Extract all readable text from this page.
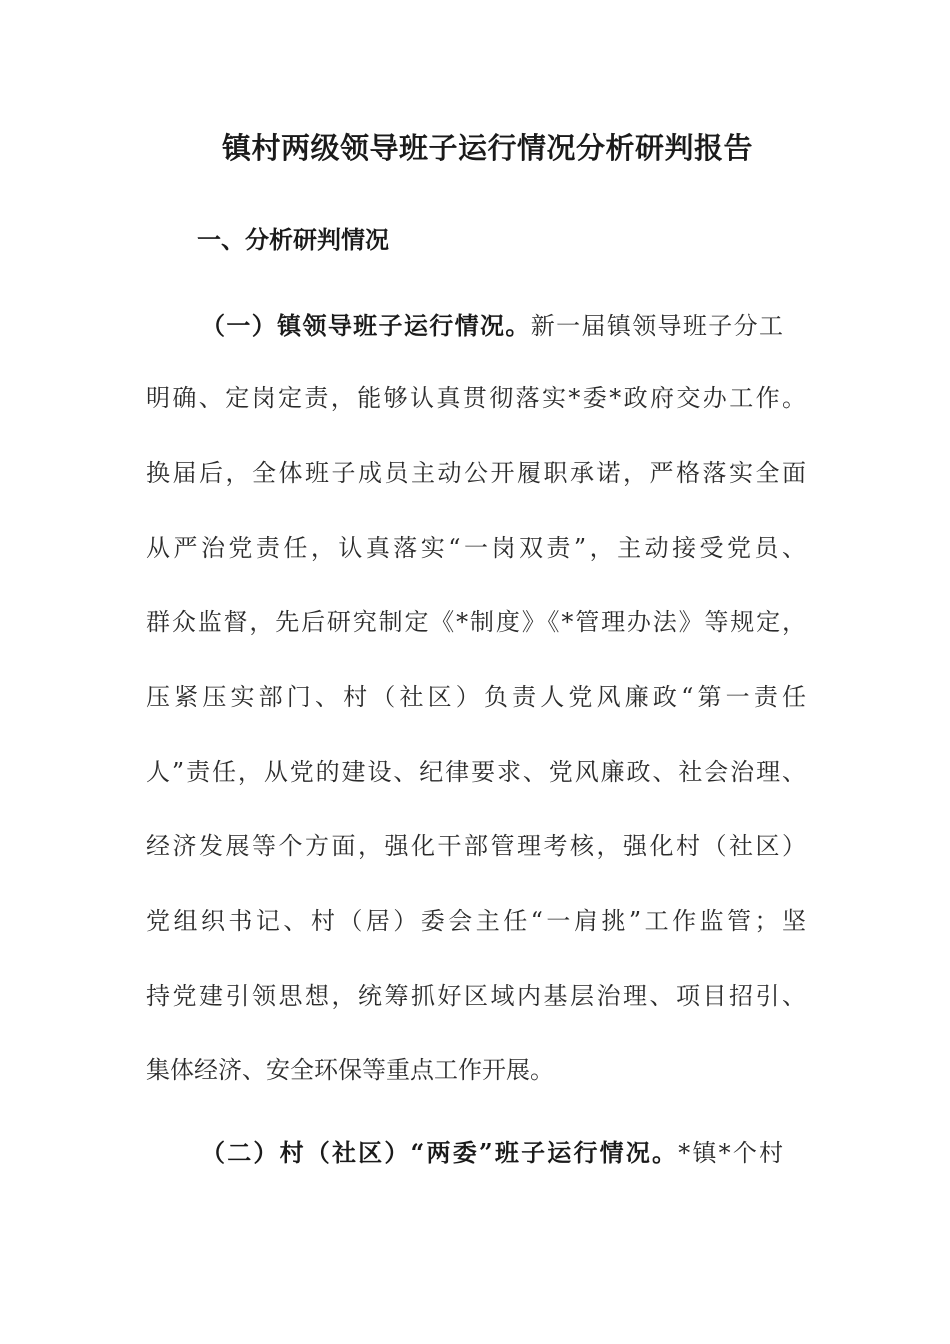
镇村两级领导班子运行情况分析研判报告
一、分析研判情况

（一）镇领导班子运行情况。新一届镇领导班子分工

明确、定岗定责，能够认真贯彻落实*委*政府交办工作。

换届后，全体班子成员主动公开履职承诺，严格落实全面

从严治党责任，认真落实“一岗双责”，主动接受党员、

群众监督，先后研究制定《*制度》《*管理办法》等规定，

压紧压实部门、村（社区）负责人党风廉政“第一责任

人”责任，从党的建设、纪律要求、党风廉政、社会治理、

经济发展等个方面，强化干部管理考核，强化村（社区）

党组织书记、村（居）委会主任“一肩挑”工作监管；坚

持党建引领思想，统筹抓好区域内基层治理、项目招引、

集体经济、安全环保等重点工作开展。

（二）村（社区）“两委”班子运行情况。*镇*个村
